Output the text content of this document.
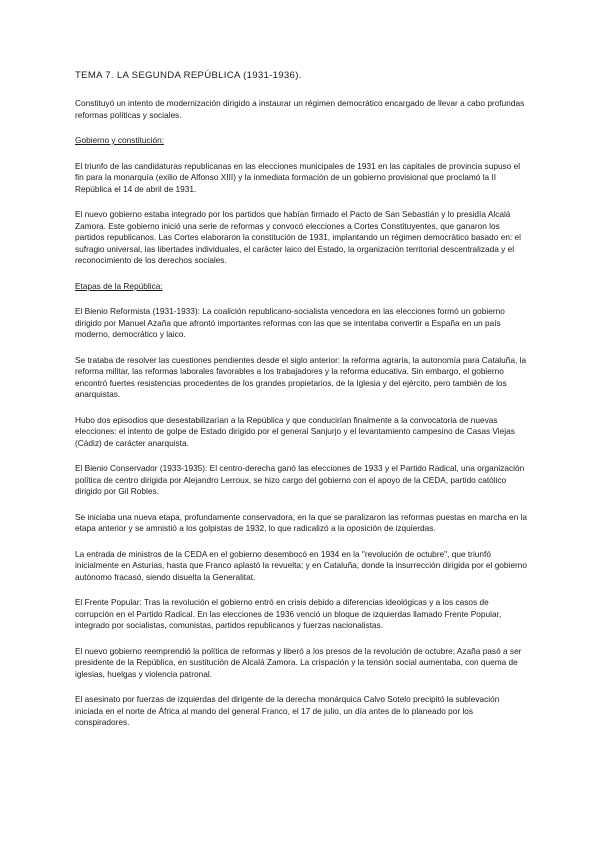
TEMA 7. LA SEGUNDA REPÚBLICA (1931-1936).

Constituyó un intento de modernización dirigido a instaurar un régimen democrático encargado de llevar a cabo profundas reformas políticas y sociales.

Gobierno y constitución:

El triunfo de las candidaturas republicanas en las elecciones municipales de 1931 en las capitales de provincia supuso el fin para la monarquía (exilio de Alfonso XIII) y la inmediata formación de un gobierno provisional que proclamó la II República el 14 de abril de 1931.

El nuevo gobierno estaba integrado por los partidos que habían firmado el Pacto de San Sebastián y lo presidía Alcalá Zamora. Este gobierno inició una serie de reformas y convocó elecciones a Cortes Constituyentes, que ganaron los partidos republicanos. Las Cortes elaboraron la constitución de 1931, implantando un régimen democrático basado en: el sufragio universal, las libertades individuales, el carácter laico del Estado, la organización territorial descentralizada y el reconocimiento de los derechos sociales.

Etapas de la República:

El Bienio Reformista (1931-1933): La coalición republicano-socialista vencedora en las elecciones formó un gobierno dirigido por Manuel Azaña que afrontó importantes reformas con las que se intentaba convertir a España en un país moderno, democrático y laico.

Se trataba de resolver las cuestiones pendientes desde el siglo anterior: la reforma agraria, la autonomía para Cataluña, la reforma militar, las reformas laborales favorables a los trabajadores y la reforma educativa. Sin embargo, el gobierno encontró fuertes resistencias procedentes de los grandes propietarios, de la Iglesia y del ejército, pero también de los anarquistas.

Hubo dos episodios que desestabilizarían a la República y que conducirían finalmente a la convocatoria de nuevas elecciones: el intento de golpe de Estado dirigido por el general Sanjurjo y el levantamiento campesino de Casas Viejas (Cádiz) de carácter anarquista.

El Bienio Conservador (1933-1935): El centro-derecha ganó las elecciones de 1933 y el Partido Radical, una organización política de centro dirigida por Alejandro Lerroux, se hizo cargo del gobierno con el apoyo de la CEDA, partido católico dirigido por Gil Robles.

Se iniciaba una nueva etapa, profundamente conservadora, en la que se paralizaron las reformas puestas en marcha en la etapa anterior y se amnistió a los golpistas de 1932, lo que radicalizó a la oposición de izquierdas.

La entrada de ministros de la CEDA en el gobierno desembocó en 1934 en la "revolución de octubre", que triunfó inicialmente en Asturias, hasta que Franco aplastó la revuelta; y en Cataluña, donde la insurrección dirigida por el gobierno autónomo fracasó, siendo disuelta la Generalitat.

El Frente Popular: Tras la revolución el gobierno entró en crisis debido a diferencias ideológicas y a los casos de corrupción en el Partido Radical. En las elecciones de 1936 venció un bloque de izquierdas llamado Frente Popular, integrado por socialistas, comunistas, partidos republicanos y fuerzas nacionalistas.

El nuevo gobierno reemprendió la política de reformas y liberó a los presos de la revolución de octubre; Azaña pasó a ser presidente de la República, en sustitución de Alcalá Zamora. La crispación y la tensión social aumentaba, con quema de iglesias, huelgas y violencia patronal.

El asesinato por fuerzas de izquierdas del dirigente de la derecha monárquica Calvo Sotelo precipitó la sublevación iniciada en el norte de África al mando del general Franco, el 17 de julio, un día antes de lo planeado por los conspiradores.
